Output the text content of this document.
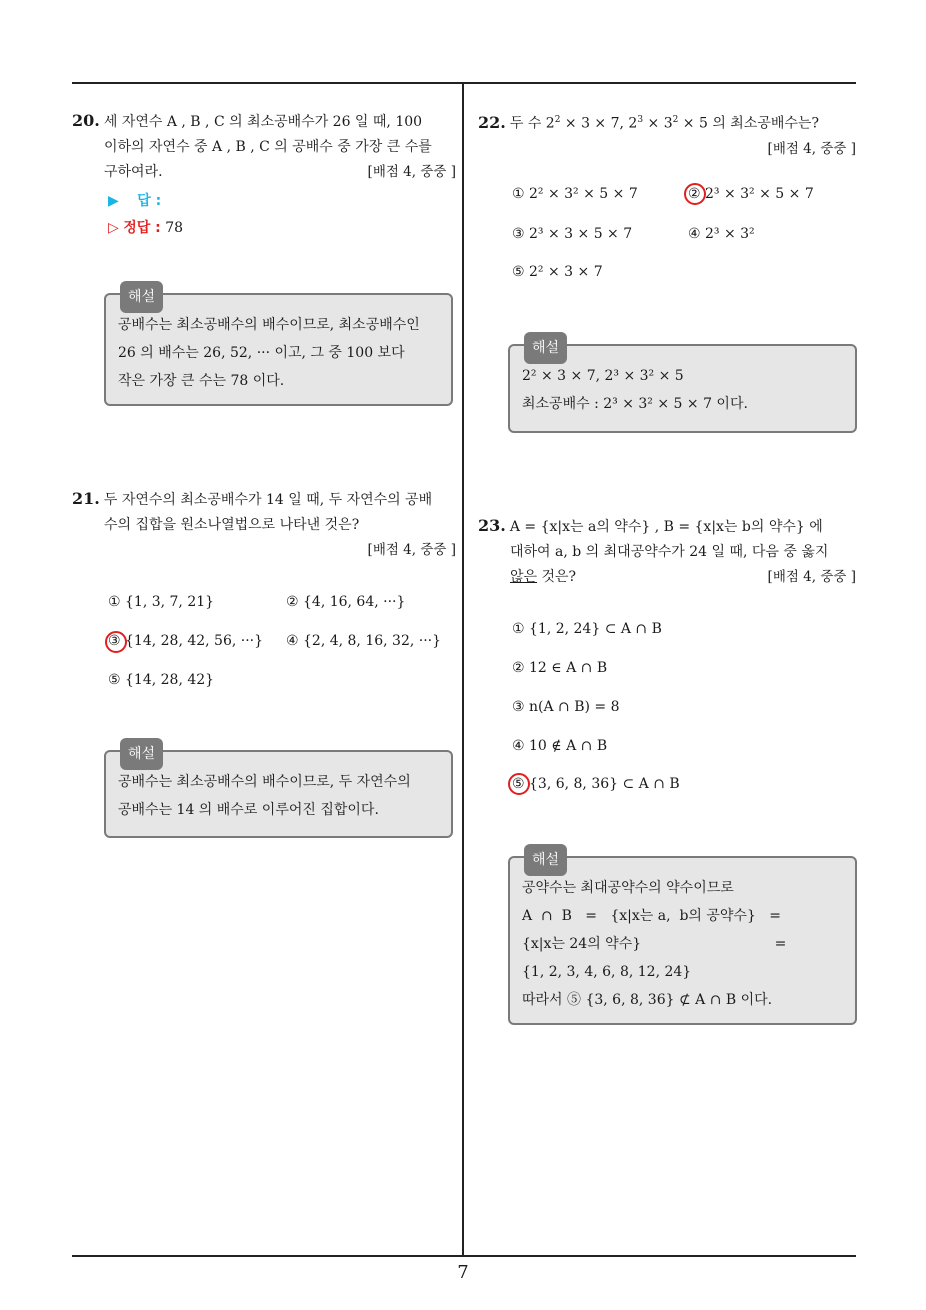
20. 세 자연수 A , B , C 의 최소공배수가 26 일 때, 100
이하의 자연수 중 A , B , C 의 공배수 중 가장 큰 수를
구하여라.	[배점 4, 중중 ]
▶ 답 :
▷ 정답 : 78
해설
공배수는 최소공배수의 배수이므로, 최소공배수인
26 의 배수는 26, 52, ··· 이고, 그 중 100 보다
작은 가장 큰 수는 78 이다.
21. 두 자연수의 최소공배수가 14 일 때, 두 자연수의 공배
수의 집합을 원소나열법으로 나타낸 것은?
[배점 4, 중중 ]
① {1, 3, 7, 21}	② {4, 16, 64, ···}
③ {14, 28, 42, 56, ···} ④ {2, 4, 8, 16, 32, ···}
⑤ {14, 28, 42}
해설
공배수는 최소공배수의 배수이므로, 두 자연수의
공배수는 14 의 배수로 이루어진 집합이다.
22. 두 수 $2^2 \times 3 \times 7$, $2^3 \times 3^2 \times 5$ 의 최소공배수는?
[배점 4, 중중 ]
① 2² × 3² × 5 × 7	② 2³ × 3² × 5 × 7
③ 2³ × 3 × 5 × 7	④ 2³ × 3²
⑤ 2² × 3 × 7
해설
2² × 3 × 7, 2³ × 3² × 5
최소공배수 : 2³ × 3² × 5 × 7 이다.
23. A = {x|x는 a의 약수} , B = {x|x는 b의 약수} 에
대하여 a, b 의 최대공약수가 24 일 때, 다음 중 옳지
않은 것은?	[배점 4, 중중 ]
① {1, 2, 24} ⊂ A ∩ B
② 12 ∈ A ∩ B
③ n(A ∩ B) = 8
④ 10 ∉ A ∩ B
⑤ {3, 6, 8, 36} ⊂ A ∩ B
해설
공약수는 최대공약수의 약수이므로
A  ∩  B   =   {x|x는 a,  b의 공약수}   =
{x|x는 24의 약수}                              =
{1, 2, 3, 4, 6, 8, 12, 24}
따라서 ⑤ {3, 6, 8, 36} ⊄ A ∩ B 이다.
7
